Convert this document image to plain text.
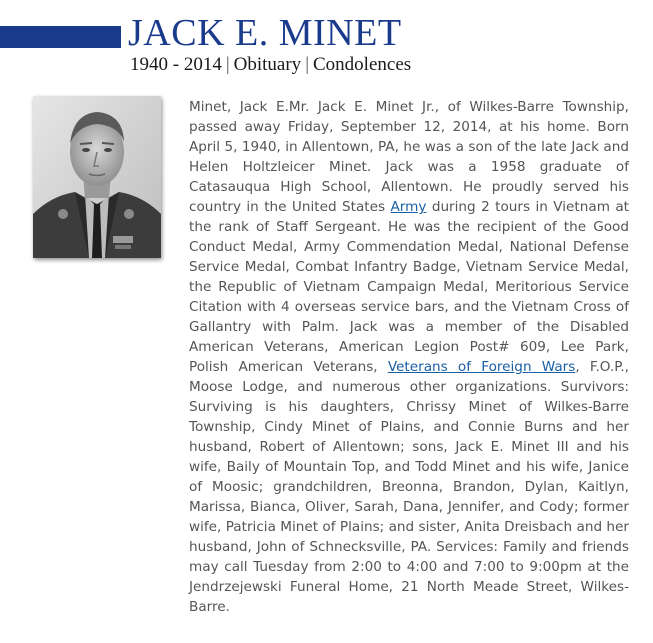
JACK E. MINET
1940 - 2014 | Obituary | Condolences

Minet, Jack E.Mr. Jack E. Minet Jr., of Wilkes-Barre Township, passed away Friday, September 12, 2014, at his home. Born April 5, 1940, in Allentown, PA, he was a son of the late Jack and Helen Holtzleicer Minet. Jack was a 1958 graduate of Catasauqua High School, Allentown. He proudly served his country in the United States Army during 2 tours in Vietnam at the rank of Staff Sergeant. He was the recipient of the Good Conduct Medal, Army Commendation Medal, National Defense Service Medal, Combat Infantry Badge, Vietnam Service Medal, the Republic of Vietnam Campaign Medal, Meritorious Service Citation with 4 overseas service bars, and the Vietnam Cross of Gallantry with Palm. Jack was a member of the Disabled American Veterans, American Legion Post# 609, Lee Park, Polish American Veterans, Veterans of Foreign Wars, F.O.P., Moose Lodge, and numerous other organizations. Survivors: Surviving is his daughters, Chrissy Minet of Wilkes-Barre Township, Cindy Minet of Plains, and Connie Burns and her husband, Robert of Allentown; sons, Jack E. Minet III and his wife, Baily of Mountain Top, and Todd Minet and his wife, Janice of Moosic; grandchildren, Breonna, Brandon, Dylan, Kaitlyn, Marissa, Bianca, Oliver, Sarah, Dana, Jennifer, and Cody; former wife, Patricia Minet of Plains; and sister, Anita Dreisbach and her husband, John of Schnecksville, PA. Services: Family and friends may call Tuesday from 2:00 to 4:00 and 7:00 to 9:00pm at the Jendrzejewski Funeral Home, 21 North Meade Street, Wilkes-Barre.
